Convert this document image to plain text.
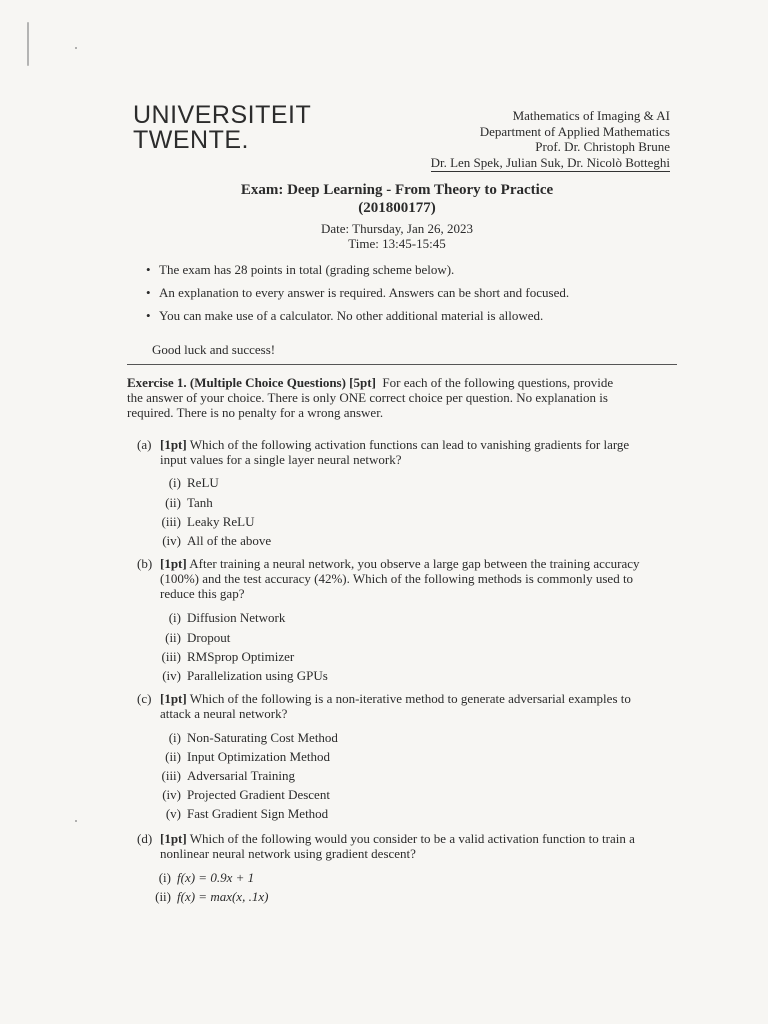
UNIVERSITEIT
TWENTE.
Mathematics of Imaging & AI
Department of Applied Mathematics
Prof. Dr. Christoph Brune
Dr. Len Spek, Julian Suk, Dr. Nicolò Botteghi
Exam: Deep Learning - From Theory to Practice
(201800177)
Date: Thursday, Jan 26, 2023
Time: 13:45-15:45
• The exam has 28 points in total (grading scheme below).
• An explanation to every answer is required. Answers can be short and focused.
• You can make use of a calculator. No other additional material is allowed.
Good luck and success!
Exercise 1. (Multiple Choice Questions) [5pt] For each of the following questions, provide
the answer of your choice. There is only ONE correct choice per question. No explanation is
required. There is no penalty for a wrong answer.
(a) [1pt] Which of the following activation functions can lead to vanishing gradients for large
input values for a single layer neural network?
(i) ReLU
(ii) Tanh
(iii) Leaky ReLU
(iv) All of the above
(b) [1pt] After training a neural network, you observe a large gap between the training accuracy
(100%) and the test accuracy (42%). Which of the following methods is commonly used to
reduce this gap?
(i) Diffusion Network
(ii) Dropout
(iii) RMSprop Optimizer
(iv) Parallelization using GPUs
(c) [1pt] Which of the following is a non-iterative method to generate adversarial examples to
attack a neural network?
(i) Non-Saturating Cost Method
(ii) Input Optimization Method
(iii) Adversarial Training
(iv) Projected Gradient Descent
(v) Fast Gradient Sign Method
(d) [1pt] Which of the following would you consider to be a valid activation function to train a
nonlinear neural network using gradient descent?
(i) f(x) = 0.9x + 1
(ii) f(x) = max(x, .1x)
